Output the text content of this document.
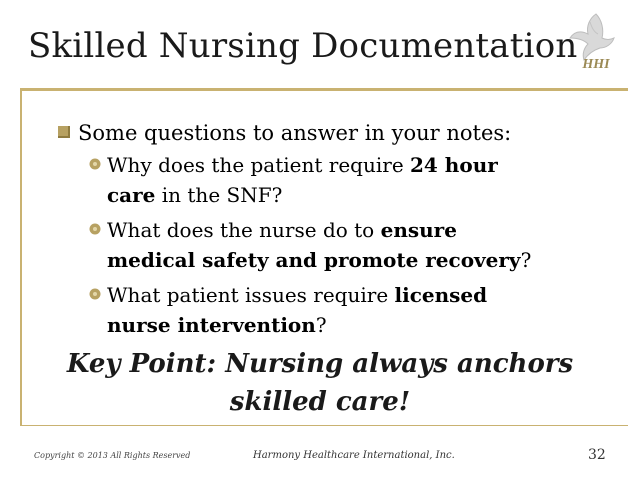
Skilled Nursing Documentation HHI
Some questions to answer in your notes:
Why does the patient require 24 hour
care in the SNF?
What does the nurse do to ensure
medical safety and promote recovery?
What patient issues require licensed
nurse intervention?
Key Point: Nursing always anchors
skilled care!
Copyright © 2013 All Rights Reserved	Harmony Healthcare International, Inc.	32
